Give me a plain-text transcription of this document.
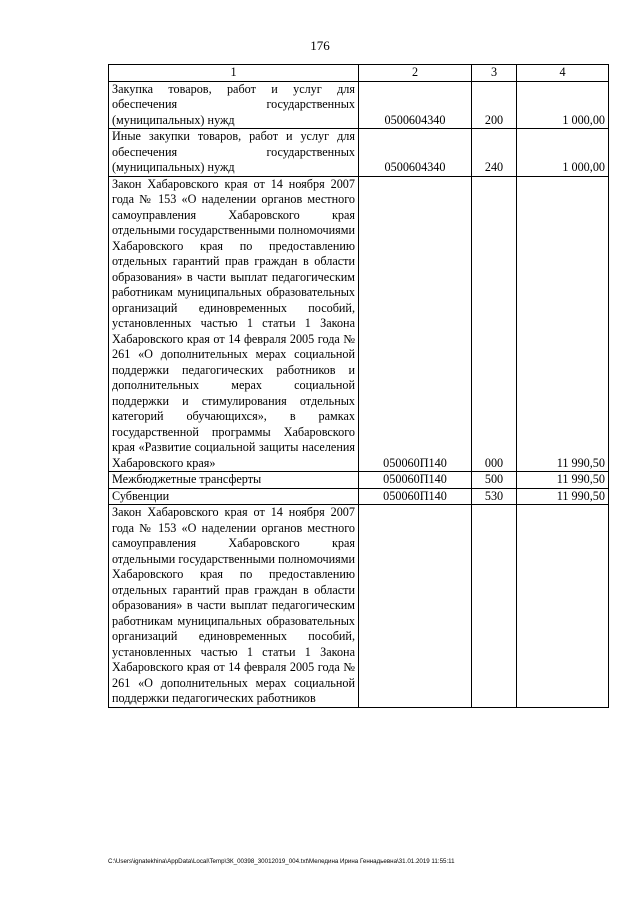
176
1	2	3	4
Закупка товаров, работ и услуг для обеспечения государственных (муниципальных) нужд	0500604340	200	1 000,00
Иные закупки товаров, работ и услуг для обеспечения государственных (муниципальных) нужд	0500604340	240	1 000,00
Закон Хабаровского края от 14 ноября 2007 года № 153 «О наделении органов местного самоуправления Хабаровского края отдельными государственными полномочиями Хабаровского края по предоставлению отдельных гарантий прав граждан в области образования» в части выплат педагогическим работникам муниципальных образовательных организаций единовременных пособий, установленных частью 1 статьи 1 Закона Хабаровского края от 14 февраля 2005 года № 261 «О дополнительных мерах социальной поддержки педагогических работников и дополнительных мерах социальной поддержки и стимулирования отдельных категорий обучающихся», в рамках государственной программы Хабаровского края «Развитие социальной защиты населения Хабаровского края»	050060П140	000	11 990,50
Межбюджетные трансферты	050060П140	500	11 990,50
Субвенции	050060П140	530	11 990,50
Закон Хабаровского края от 14 ноября 2007 года № 153 «О наделении органов местного самоуправления Хабаровского края отдельными государственными полномочиями Хабаровского края по предоставлению отдельных гарантий прав граждан в области образования» в части выплат педагогическим работникам муниципальных образовательных организаций единовременных пособий, установленных частью 1 статьи 1 Закона Хабаровского края от 14 февраля 2005 года № 261 «О дополнительных мерах социальной поддержки педагогических работников			
C:\Users\ignatekhina\AppData\Local\Temp\ЗК_00398_30012019_004.txt\Меледина Ирина Геннадьевна\31.01.2019 11:55:11
